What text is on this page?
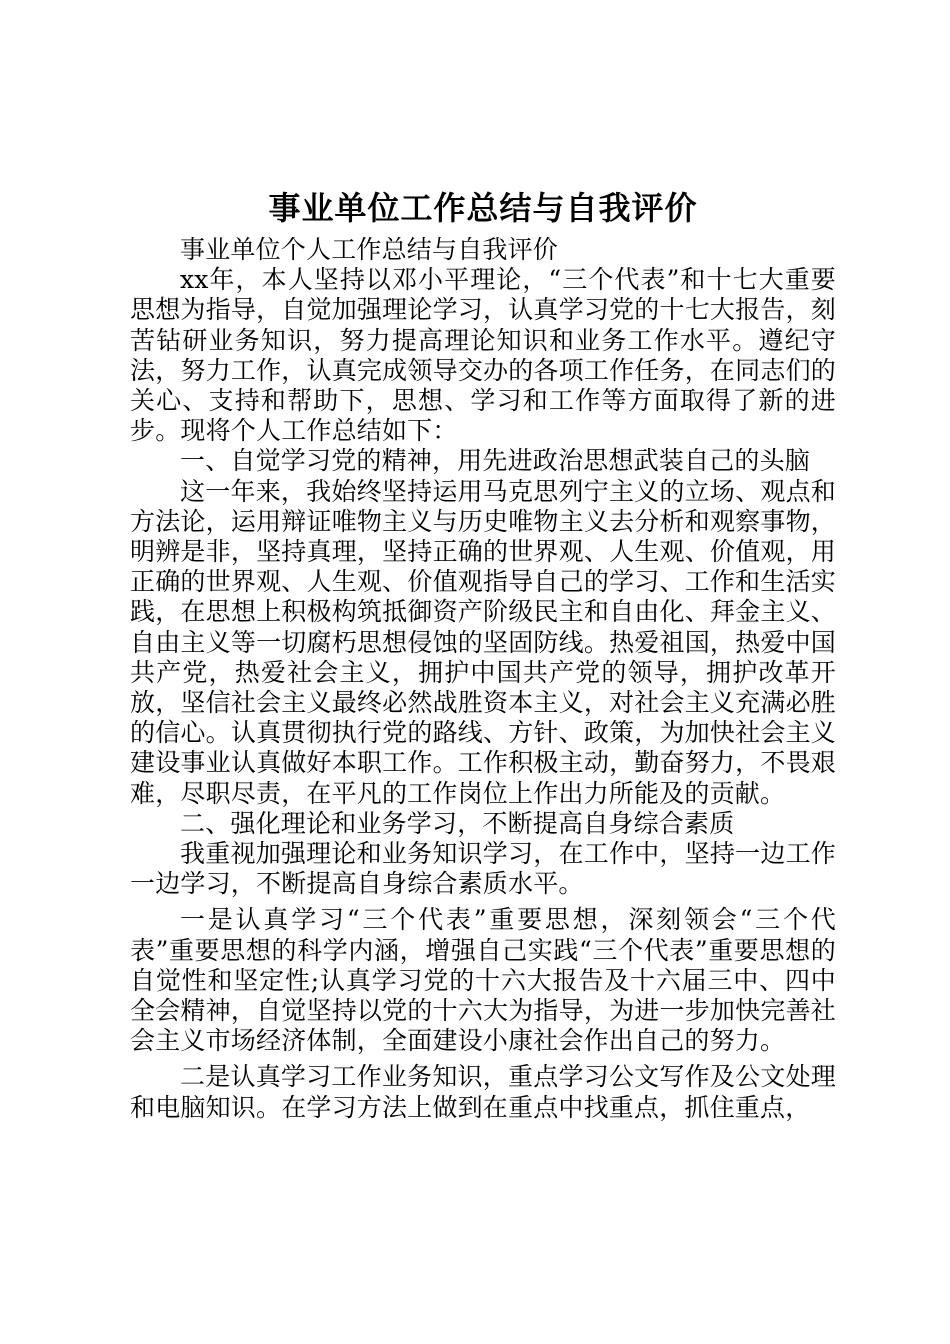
事业单位工作总结与自我评价

事业单位个人工作总结与自我评价

xx年，本人坚持以邓小平理论，“三个代表”和十七大重要思想为指导，自觉加强理论学习，认真学习党的十七大报告，刻苦钻研业务知识，努力提高理论知识和业务工作水平。遵纪守法，努力工作，认真完成领导交办的各项工作任务，在同志们的关心、支持和帮助下，思想、学习和工作等方面取得了新的进步。现将个人工作总结如下：

一、自觉学习党的精神，用先进政治思想武装自己的头脑

这一年来，我始终坚持运用马克思列宁主义的立场、观点和方法论，运用辩证唯物主义与历史唯物主义去分析和观察事物，明辨是非，坚持真理，坚持正确的世界观、人生观、价值观，用正确的世界观、人生观、价值观指导自己的学习、工作和生活实践，在思想上积极构筑抵御资产阶级民主和自由化、拜金主义、自由主义等一切腐朽思想侵蚀的坚固防线。热爱祖国，热爱中国共产党，热爱社会主义，拥护中国共产党的领导，拥护改革开放，坚信社会主义最终必然战胜资本主义，对社会主义充满必胜的信心。认真贯彻执行党的路线、方针、政策，为加快社会主义建设事业认真做好本职工作。工作积极主动，勤奋努力，不畏艰难，尽职尽责，在平凡的工作岗位上作出力所能及的贡献。

二、强化理论和业务学习，不断提高自身综合素质

我重视加强理论和业务知识学习，在工作中，坚持一边工作一边学习，不断提高自身综合素质水平。

一是认真学习“三个代表”重要思想，深刻领会“三个代表”重要思想的科学内涵，增强自己实践“三个代表”重要思想的自觉性和坚定性;认真学习党的十六大报告及十六届三中、四中全会精神，自觉坚持以党的十六大为指导，为进一步加快完善社会主义市场经济体制，全面建设小康社会作出自己的努力。

二是认真学习工作业务知识，重点学习公文写作及公文处理和电脑知识。在学习方法上做到在重点中找重点，抓住重点，
